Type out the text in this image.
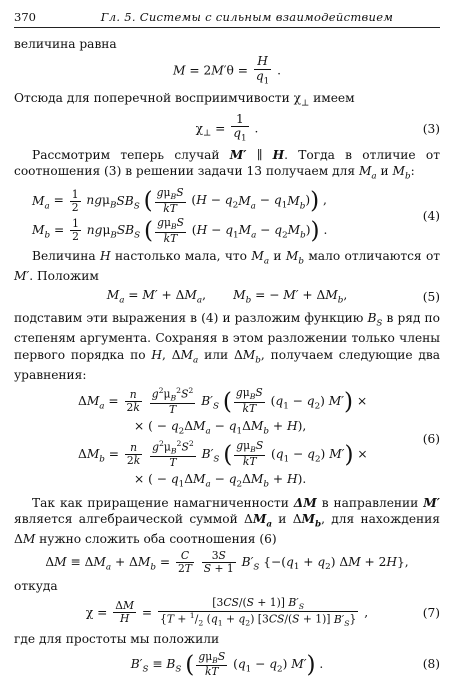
370	Гл. 5. Системы с сильным взаимодействием

величина равна

$M = 2M'\theta = \frac{H}{q_1}$ .

Отсюда для поперечной восприимчивости $\chi_\perp$ имеем

$\chi_\perp = \frac{1}{q_1}$ .	(3)

Рассмотрим теперь случай M′ ∥ H. Тогда в отличие от соотношения (3) в решении задачи 13 получаем для $M_a$ и $M_b$:

$M_a = \frac{1}{2} ng\mu_BSB_S$ ( $\frac{g\mu_BS}{kT} (H - q_2M_a - q_1M_b)$) ,
$M_b = \frac{1}{2} ng\mu_BSB_S$ ( $\frac{g\mu_BS}{kT} (H - q_1M_a - q_2M_b)$) .
(4)

Величина H настолько мала, что $M_a$ и $M_b$ мало отличаются от M′. Положим

$M_a = M' + \Delta M_a$,       $M_b$ = − $M' + \Delta M_b$,	(5)

подставим эти выражения в (4) и разложим функцию $B_S$ в ряд по степеням аргумента. Сохраняя в этом разложении только члены первого порядка по H, $\Delta M_a$ или $\Delta M_b$, получаем следующие два уравнения:

$\Delta M_a = \frac{n}{2k}$
$\frac{g^2\mu_B^2S^2}{T} B'_S$ ( $\frac{g\mu_BS}{kT} (q_1 - q_2) M'$) ×
× ( − $q_2\Delta M_a - q_1\Delta M_b + H$),
$\Delta M_b = \frac{n}{2k}$
$\frac{g^2\mu_B^2S^2}{T} B'_S$ ( $\frac{g\mu_BS}{kT} (q_1 - q_2) M'$) ×
× ( − $q_1\Delta M_a - q_2\Delta M_b + H$).
(6)

Так как приращение намагниченности ΔM в направлении M′ является алгебраической суммой $\Delta M_a$ и $\Delta M_b$, для нахождения ΔM нужно сложить оба соотношения (6)

$\Delta M \equiv \Delta M_a + \Delta M_b = \frac{C}{2T}$
$\frac{3S}{S + 1} B'_S$ $\{-(q_1 + q_2) \Delta M + 2H\}$,

откуда

$\chi = \frac{\Delta M}{H} = \frac{[3CS/(S + 1)] B'_S}{\{T + ^1/_2 (q_1 + q_2) [3CS/(S + 1)] B'_S\}}$ ,	(7)

где для простоты мы положили

$B'_S \equiv B_S$ ( $\frac{g\mu_BS}{kT} (q_1 - q_2)$ M′) .	(8)
